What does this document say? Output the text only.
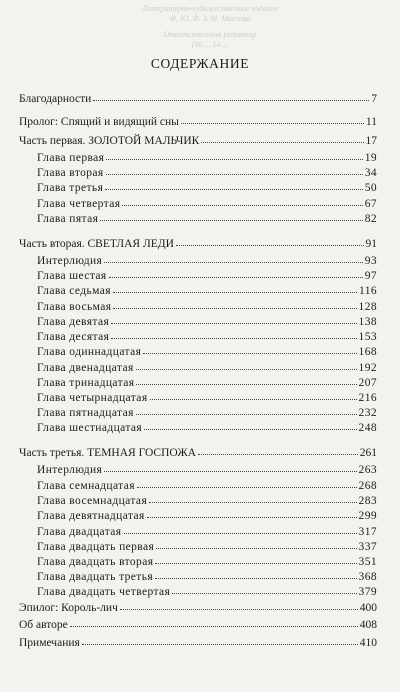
Литературно-художественное издание
Ф. Ю. Ф. З. М. Маслова
Ответственный редактор
(16 ... 14 ...
СОДЕРЖАНИЕ
Благодарности	7
Пролог: Спящий и видящий сны	11
Часть первая. ЗОЛОТОЙ МАЛЬЧИК	17
Глава первая	19
Глава вторая	34
Глава третья	50
Глава четвертая	67
Глава пятая	82
Часть вторая. СВЕТЛАЯ ЛЕДИ	91
Интерлюдия	93
Глава шестая	97
Глава седьмая	116
Глава восьмая	128
Глава девятая	138
Глава десятая	153
Глава одиннадцатая	168
Глава двенадцатая	192
Глава тринадцатая	207
Глава четырнадцатая	216
Глава пятнадцатая	232
Глава шестнадцатая	248
Часть третья. ТЕМНАЯ ГОСПОЖА	261
Интерлюдия	263
Глава семнадцатая	268
Глава восемнадцатая	283
Глава девятнадцатая	299
Глава двадцатая	317
Глава двадцать первая	337
Глава двадцать вторая	351
Глава двадцать третья	368
Глава двадцать четвертая	379
Эпилог: Король-лич	400
Об авторе	408
Примечания	410
